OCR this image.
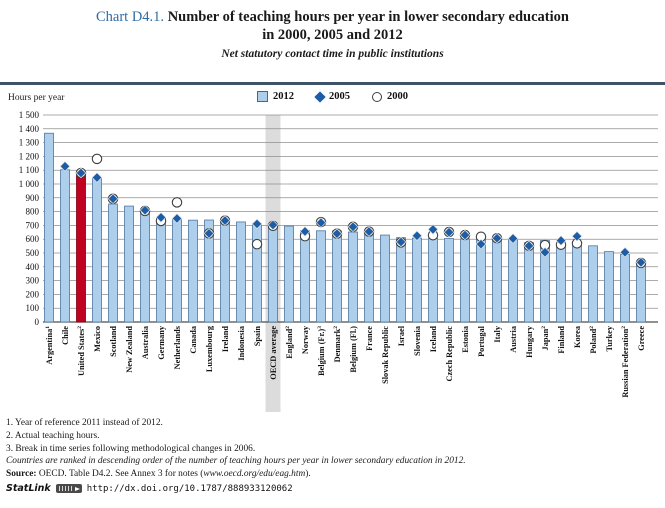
Chart D4.1. Number of teaching hours per year in lower secondary education
in 2000, 2005 and 2012
Net statutory contact time in public institutions
Hours per year	2012	2005	2000
0
100
200
300
400
500
600
700
800
900
1 000
1 100
1 200
1 300
1 400
1 500
Argentina$^1$	Chile United States$^2$	Mexico Scotland New Zealand Australia Germany Netherlands Canada Luxembourg Ireland Indonesia Spain OECD average England$^2$	Norway Belgium $(Fr.)^3$
Denmark$^2$	Belgium (Fl.) France Slovak Republic Israel Slovenia Iceland Czech Republic Estonia Portugal Italy Austria Hungary Japan$^2$	Finland Korea Poland$^2$	Turkey Russian Federation$^2$	Greece
1. Year of reference 2011 instead of 2012.
2. Actual teaching hours.
3. Break in time series following methodological changes in 2006.
Countries are ranked in descending order of the number of teaching hours per year in lower secondary education in 2012.
Source: OECD. Table D4.2. See Annex 3 for notes (www.oecd.org/edu/eag.htm).
StatLink	http://dx.doi.org/10.1787/888933120062
